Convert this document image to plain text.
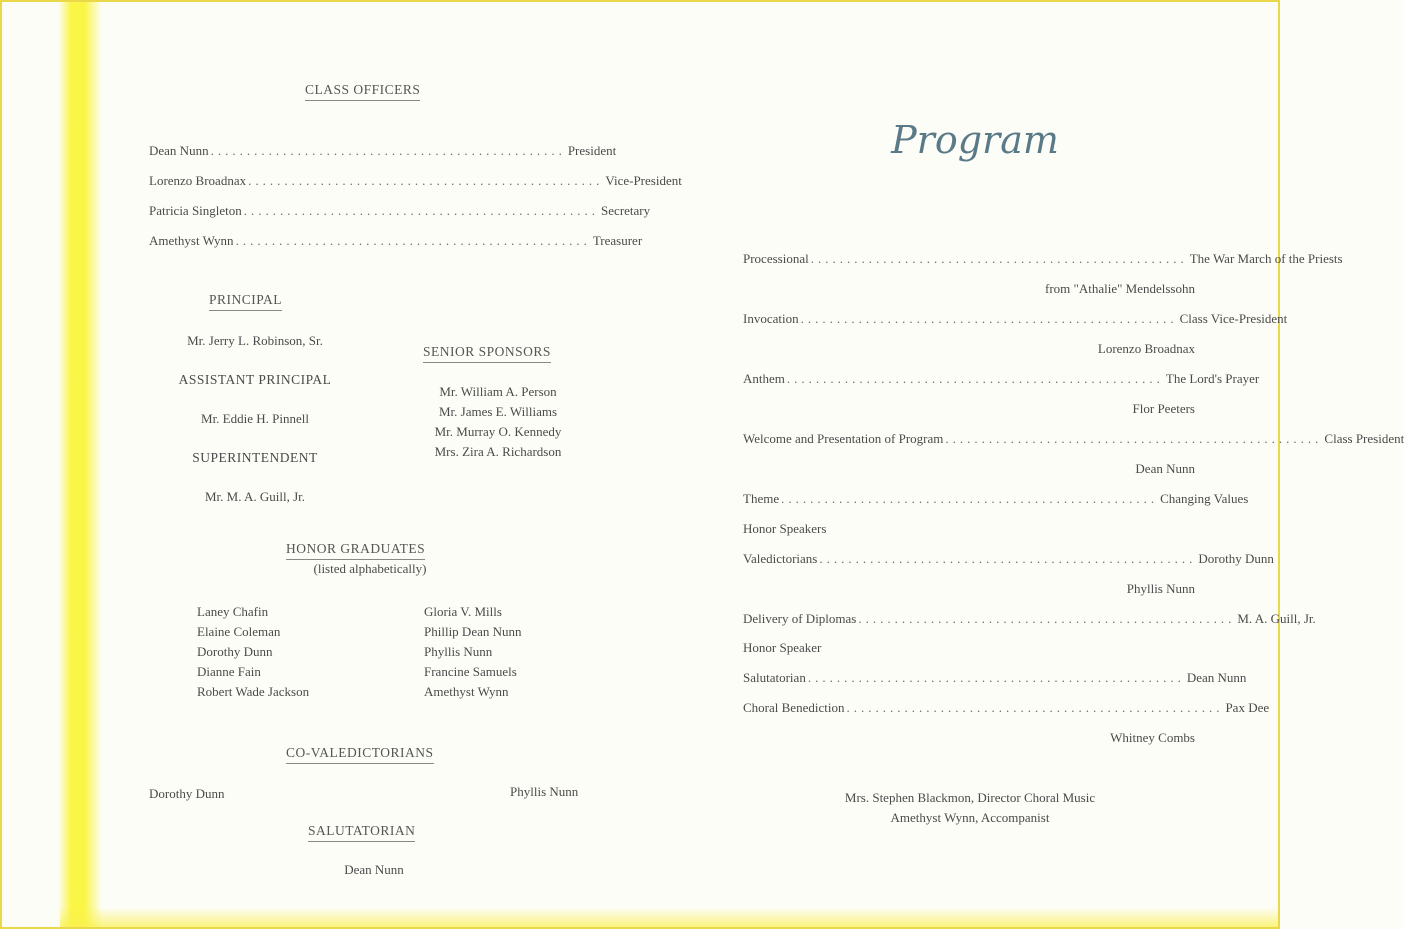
CLASS OFFICERS
Dean Nunn ................................................. President
Lorenzo Broadnax ................................................. Vice-President
Patricia Singleton ................................................. Secretary
Amethyst Wynn ................................................. Treasurer
PRINCIPAL
Mr. Jerry L. Robinson, Sr.
ASSISTANT PRINCIPAL
Mr. Eddie H. Pinnell
SUPERINTENDENT
Mr. M. A. Guill, Jr.
SENIOR SPONSORS
Mr. William A. Person
Mr. James E. Williams
Mr. Murray O. Kennedy
Mrs. Zira A. Richardson
HONOR GRADUATES
(listed alphabetically)
Laney Chafin
Elaine Coleman
Dorothy Dunn
Dianne Fain
Robert Wade Jackson
Gloria V. Mills
Phillip Dean Nunn
Phyllis Nunn
Francine Samuels
Amethyst Wynn
CO-VALEDICTORIANS
Dorothy Dunn	Phyllis Nunn
SALUTATORIAN
Dean Nunn
Program
Processional .................................................... The War March of the Priests
from "Athalie" Mendelssohn
Invocation .................................................... Class Vice-President
Lorenzo Broadnax
Anthem .................................................... The Lord's Prayer
Flor Peeters
Welcome and Presentation of Program .................................................... Class President
Dean Nunn
Theme .................................................... Changing Values
Honor Speakers
Valedictorians .................................................... Dorothy Dunn
Phyllis Nunn
Delivery of Diplomas .................................................... M. A. Guill, Jr.
Honor Speaker
Salutatorian .................................................... Dean Nunn
Choral Benediction .................................................... Pax Dee
Whitney Combs
Mrs. Stephen Blackmon, Director Choral Music
Amethyst Wynn, Accompanist
